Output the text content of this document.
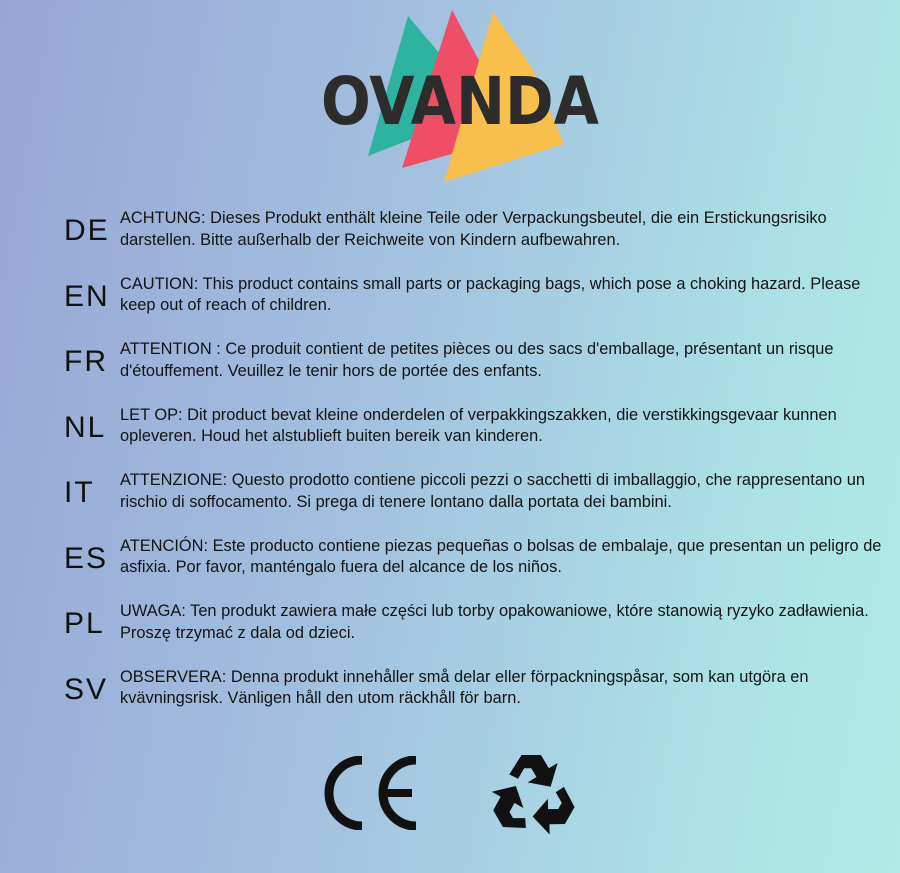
OVANDA
DE ACHTUNG: Dieses Produkt enthält kleine Teile oder Verpackungsbeutel, die ein Erstickungsrisiko darstellen. Bitte außerhalb der Reichweite von Kindern aufbewahren.
EN CAUTION: This product contains small parts or packaging bags, which pose a choking hazard. Please keep out of reach of children.
FR ATTENTION : Ce produit contient de petites pièces ou des sacs d'emballage, présentant un risque d'étouffement. Veuillez le tenir hors de portée des enfants.
NL LET OP: Dit product bevat kleine onderdelen of verpakkingszakken, die verstikkingsgevaar kunnen opleveren. Houd het alstublieft buiten bereik van kinderen.
IT	ATTENZIONE: Questo prodotto contiene piccoli pezzi o sacchetti di imballaggio, che rappresentano un rischio di soffocamento. Si prega di tenere lontano dalla portata dei bambini.
ES ATENCIÓN: Este producto contiene piezas pequeñas o bolsas de embalaje, que presentan un peligro de asfixia. Por favor, manténgalo fuera del alcance de los niños.
PL UWAGA: Ten produkt zawiera małe części lub torby opakowaniowe, które stanowią ryzyko zadławienia. Proszę trzymać z dala od dzieci.
SV OBSERVERA: Denna produkt innehåller små delar eller förpackningspåsar, som kan utgöra en kvävningsrisk. Vänligen håll den utom räckhåll för barn.
